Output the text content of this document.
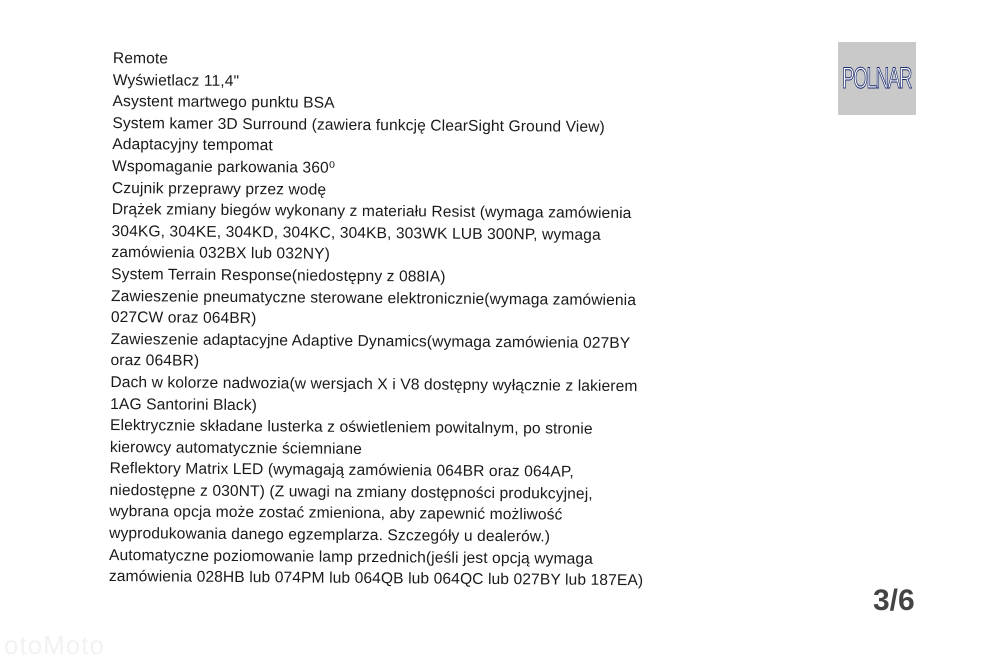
Remote
Wyświetlacz 11,4"
Asystent martwego punktu BSA
System kamer 3D Surround (zawiera funkcję ClearSight Ground View)
Adaptacyjny tempomat
Wspomaganie parkowania 360⁰
Czujnik przeprawy przez wodę
Drążek zmiany biegów wykonany z materiału Resist (wymaga zamówienia
304KG, 304KE, 304KD, 304KC, 304KB, 303WK LUB 300NP, wymaga
zamówienia 032BX lub 032NY)
System Terrain Response(niedostępny z 088IA)
Zawieszenie pneumatyczne sterowane elektronicznie(wymaga zamówienia
027CW oraz 064BR)
Zawieszenie adaptacyjne Adaptive Dynamics(wymaga zamówienia 027BY
oraz 064BR)
Dach w kolorze nadwozia(w wersjach X i V8 dostępny wyłącznie z lakierem
1AG Santorini Black)
Elektrycznie składane lusterka z oświetleniem powitalnym, po stronie
kierowcy automatycznie ściemniane
Reflektory Matrix LED (wymagają zamówienia 064BR oraz 064AP,
niedostępne z 030NT) (Z uwagi na zmiany dostępności produkcyjnej,
wybrana opcja może zostać zmieniona, aby zapewnić możliwość
wyprodukowania danego egzemplarza. Szczegóły u dealerów.)
Automatyczne poziomowanie lamp przednich(jeśli jest opcją wymaga
zamówienia 028HB lub 074PM lub 064QB lub 064QC lub 027BY lub 187EA)
POLNAR
3/6
otoMoto
